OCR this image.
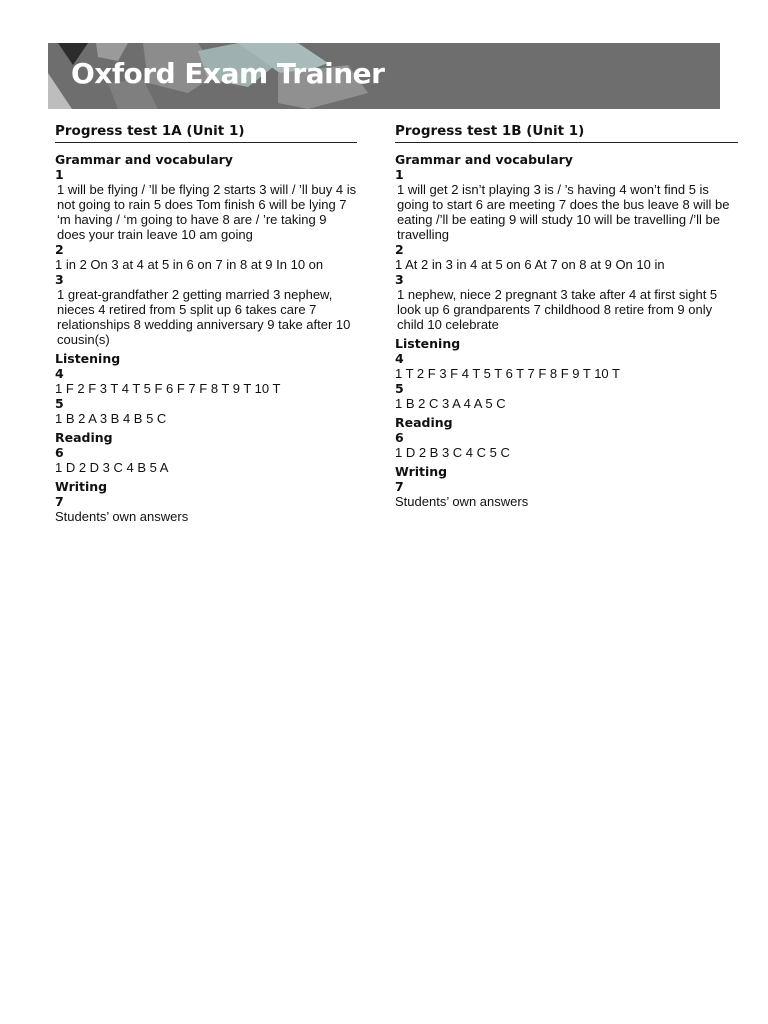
Oxford Exam Trainer
Progress test 1A (Unit 1)
Grammar and vocabulary
1
1 will be flying / ’ll be flying 2 starts 3 will / ’ll buy 4 is not going to rain 5 does Tom finish 6 will be lying 7 ‘m having / ‘m going to have 8 are / ’re taking 9 does your train leave 10 am going
2
1 in 2 On 3 at 4 at 5 in 6 on 7 in 8 at 9 In 10 on
3
1 great-grandfather 2 getting married 3 nephew, nieces 4 retired from 5 split up 6 takes care 7 relationships 8 wedding anniversary 9 take after 10 cousin(s)
Listening
4
1 F 2 F 3 T 4 T 5 F 6 F 7 F 8 T 9 T 10 T
5
1 B 2 A 3 B 4 B 5 C
Reading
6
1 D 2 D 3 C 4 B 5 A
Writing
7
Students’ own answers
Progress test 1B (Unit 1)
Grammar and vocabulary
1
1 will get 2 isn’t playing 3 is / ’s having 4 won’t find 5 is going to start 6 are meeting 7 does the bus leave 8 will be eating /’ll be eating 9 will study 10 will be travelling /’ll be travelling
2
1 At 2 in 3 in 4 at 5 on 6 At 7 on 8 at 9 On 10 in
3
1 nephew, niece 2 pregnant 3 take after 4 at first sight 5 look up 6 grandparents 7 childhood 8 retire from 9 only child 10 celebrate
Listening
4
1 T 2 F 3 F 4 T 5 T 6 T 7 F 8 F 9 T 10 T
5
1 B 2 C 3 A 4 A 5 C
Reading
6
1 D 2 B 3 C 4 C 5 C
Writing
7
Students’ own answers
